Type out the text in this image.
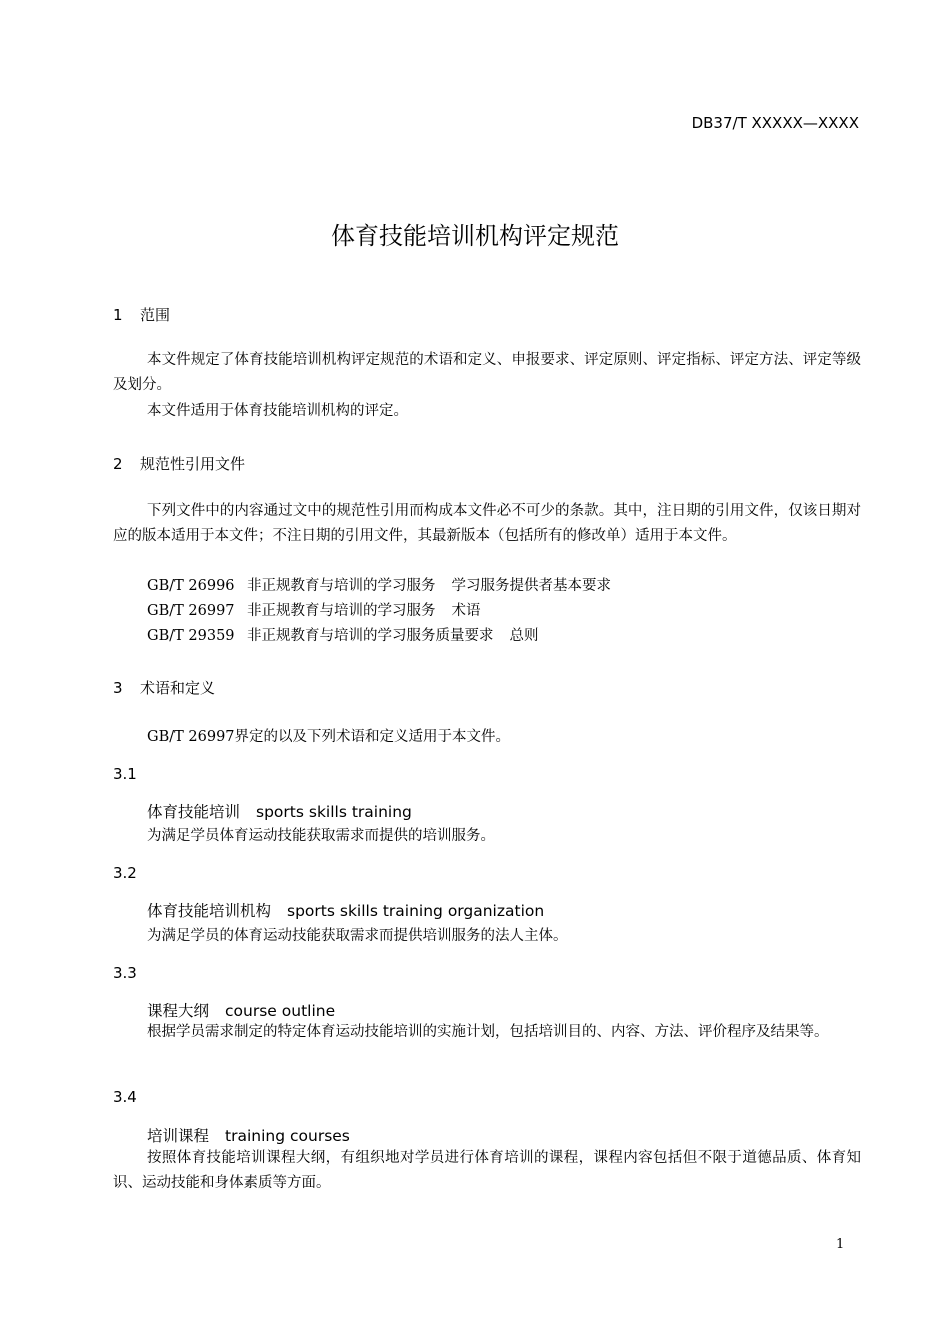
DB37/T XXXXX—XXXX
体育技能培训机构评定规范
1 范围
本文件规定了体育技能培训机构评定规范的术语和定义、申报要求、评定原则、评定指标、评定方法、评定等级及划分。
本文件适用于体育技能培训机构的评定。
2 规范性引用文件
下列文件中的内容通过文中的规范性引用而构成本文件必不可少的条款。其中，注日期的引用文件，仅该日期对应的版本适用于本文件；不注日期的引用文件，其最新版本（包括所有的修改单）适用于本文件。
GB/T 26996 非正规教育与培训的学习服务 学习服务提供者基本要求
GB/T 26997 非正规教育与培训的学习服务 术语
GB/T 29359 非正规教育与培训的学习服务质量要求 总则
3 术语和定义
GB/T 26997界定的以及下列术语和定义适用于本文件。
3.1
体育技能培训 sports skills training
为满足学员体育运动技能获取需求而提供的培训服务。
3.2
体育技能培训机构 sports skills training organization
为满足学员的体育运动技能获取需求而提供培训服务的法人主体。
3.3
课程大纲 course outline
根据学员需求制定的特定体育运动技能培训的实施计划，包括培训目的、内容、方法、评价程序及结果等。
3.4
培训课程 training courses
按照体育技能培训课程大纲，有组织地对学员进行体育培训的课程，课程内容包括但不限于道德品质、体育知识、运动技能和身体素质等方面。
1
